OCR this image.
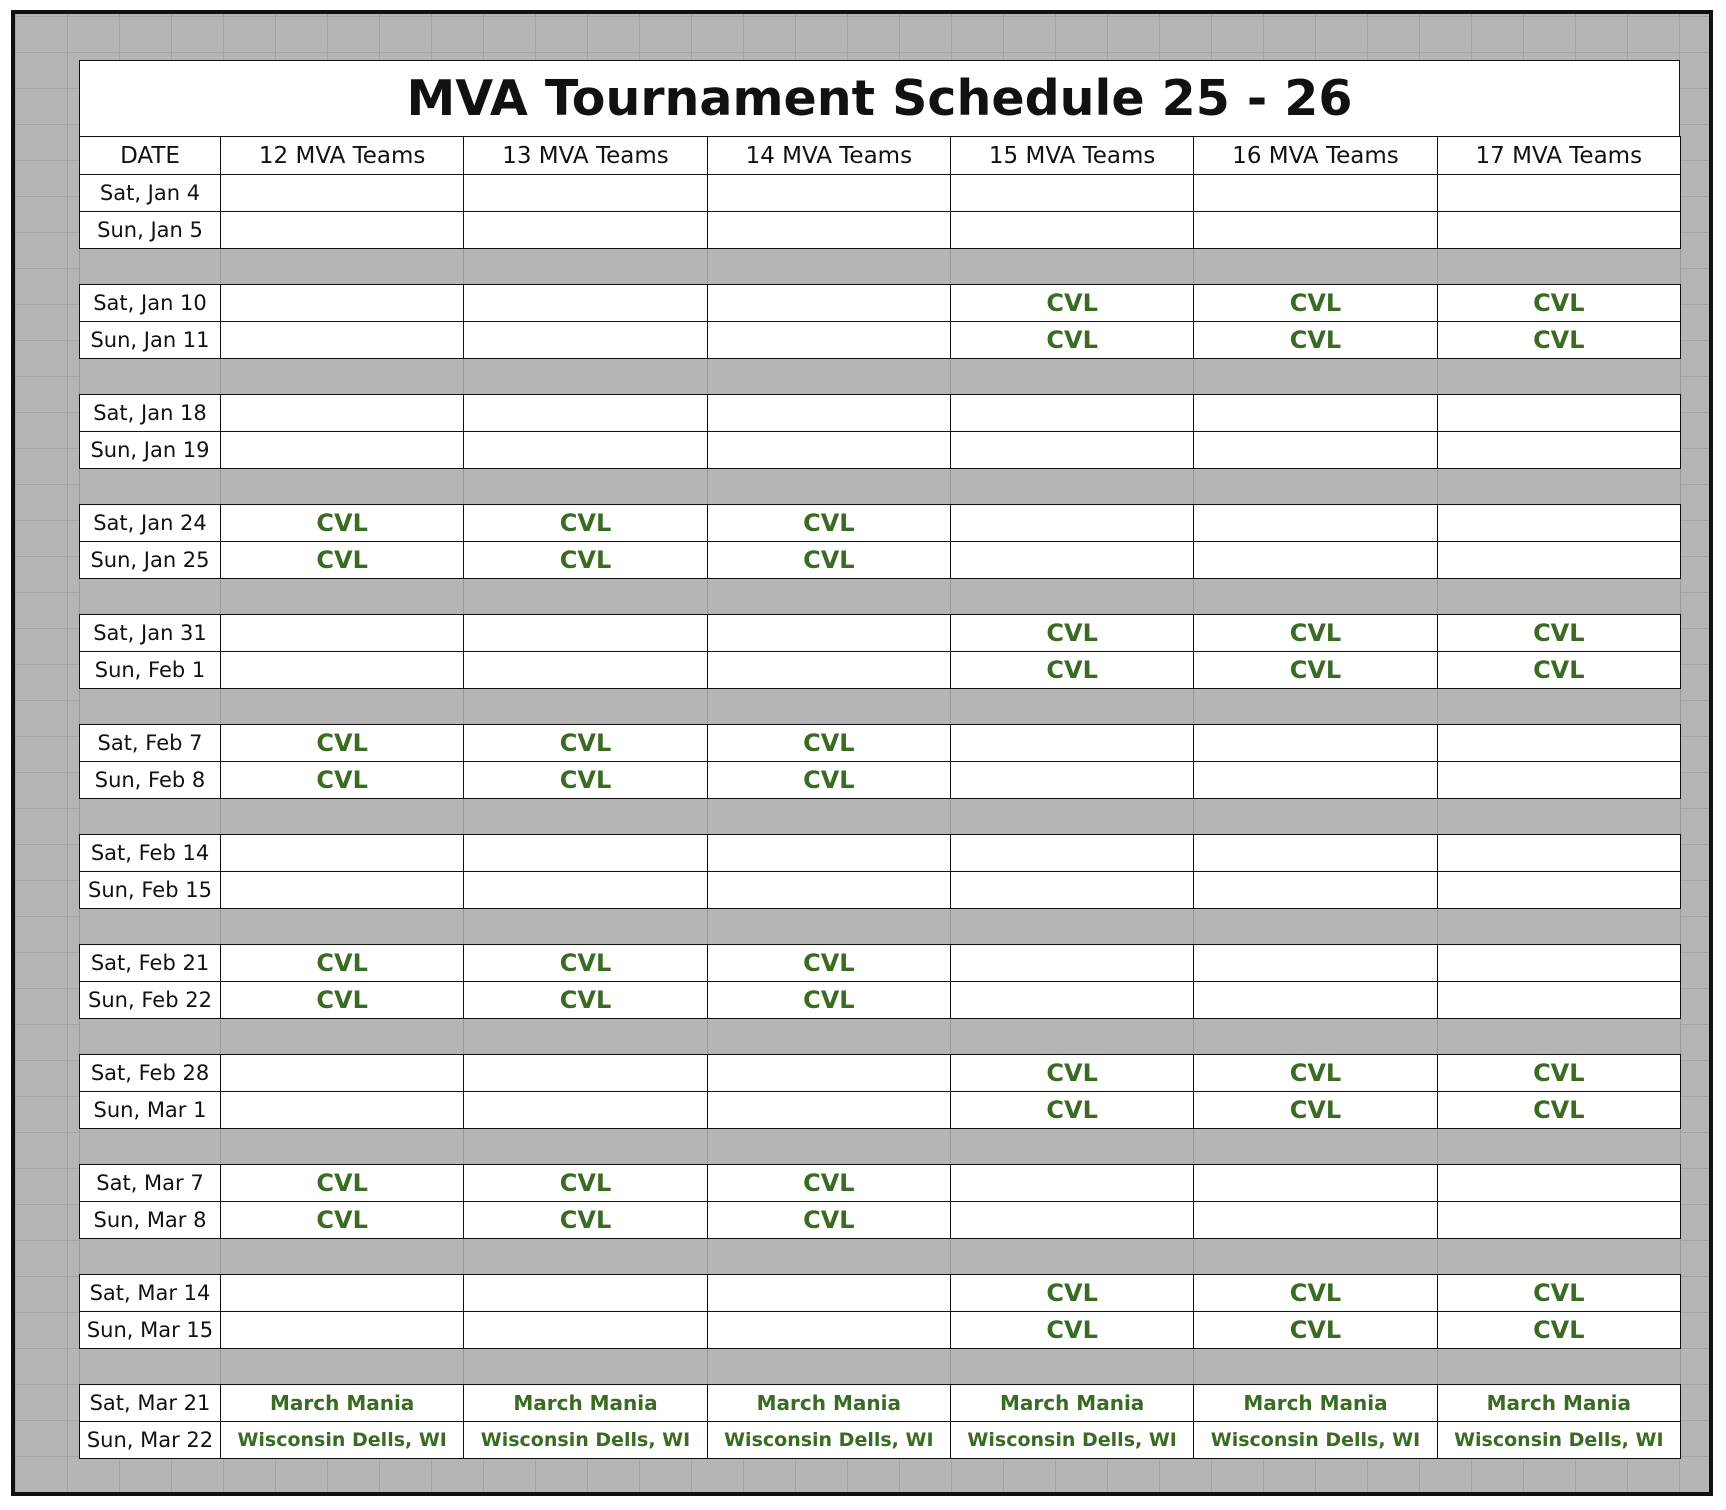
MVA Tournament Schedule 25 - 26
DATE	12 MVA Teams	13 MVA Teams	14 MVA Teams	15 MVA Teams	16 MVA Teams	17 MVA Teams
Sat, Jan 4						
Sun, Jan 5						

Sat, Jan 10				CVL	CVL	CVL
Sun, Jan 11				CVL	CVL	CVL

Sat, Jan 18						
Sun, Jan 19						

Sat, Jan 24	CVL	CVL	CVL			
Sun, Jan 25	CVL	CVL	CVL			

Sat, Jan 31				CVL	CVL	CVL
Sun, Feb 1				CVL	CVL	CVL

Sat, Feb 7	CVL	CVL	CVL			
Sun, Feb 8	CVL	CVL	CVL			

Sat, Feb 14						
Sun, Feb 15						

Sat, Feb 21	CVL	CVL	CVL			
Sun, Feb 22	CVL	CVL	CVL			

Sat, Feb 28				CVL	CVL	CVL
Sun, Mar 1				CVL	CVL	CVL

Sat, Mar 7	CVL	CVL	CVL			
Sun, Mar 8	CVL	CVL	CVL			

Sat, Mar 14				CVL	CVL	CVL
Sun, Mar 15				CVL	CVL	CVL

Sat, Mar 21	March Mania	March Mania	March Mania	March Mania	March Mania	March Mania
Sun, Mar 22	Wisconsin Dells, WI	Wisconsin Dells, WI	Wisconsin Dells, WI	Wisconsin Dells, WI	Wisconsin Dells, WI	Wisconsin Dells, WI
